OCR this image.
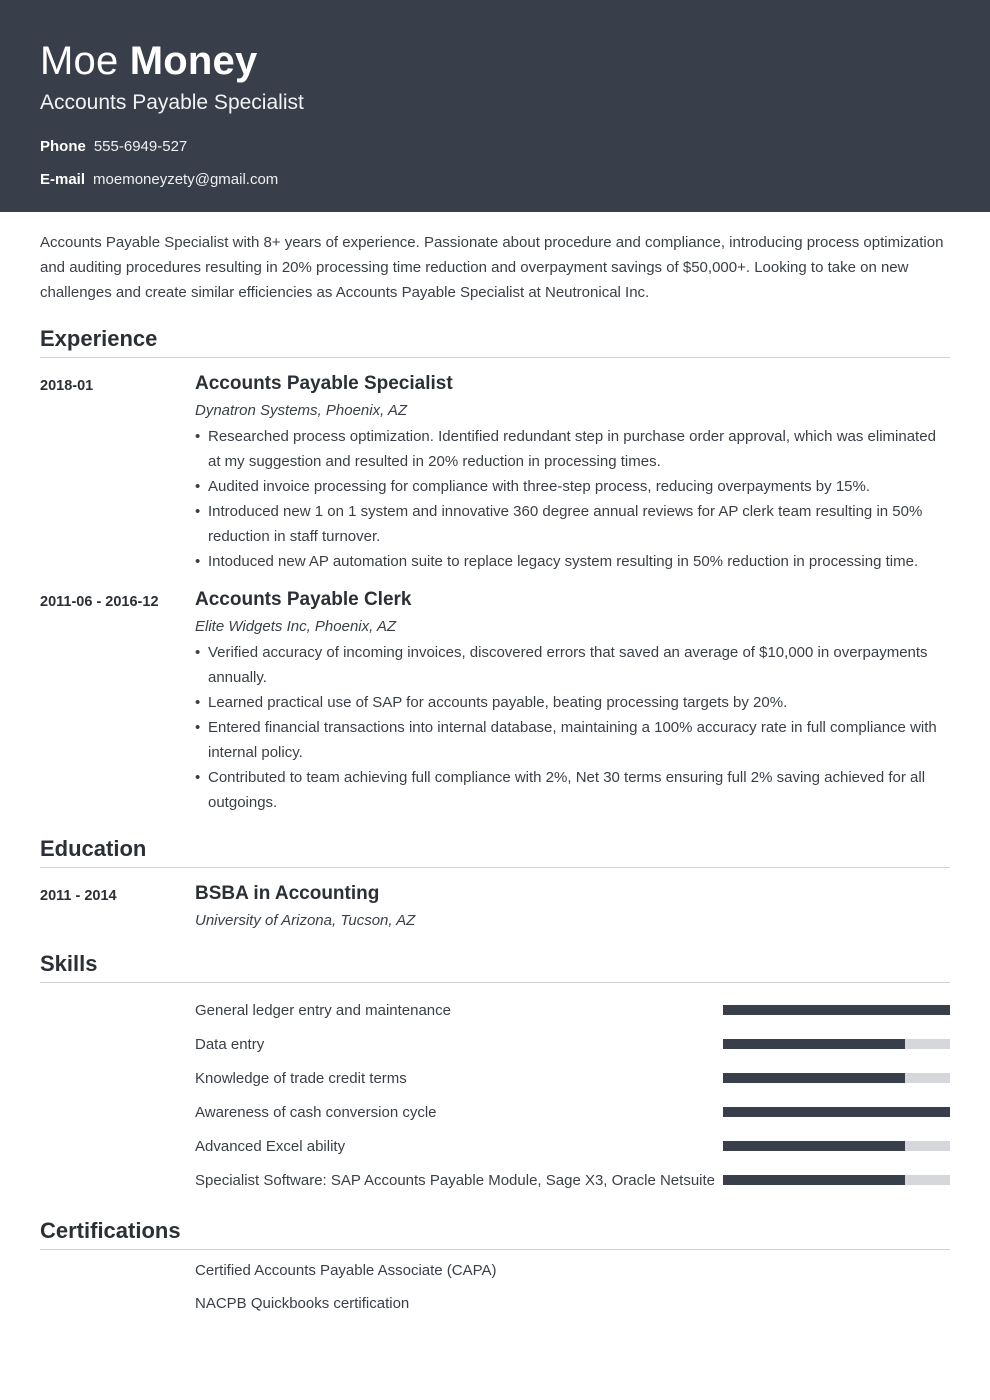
Moe Money
Accounts Payable Specialist
Phone 555-6949-527
E-mail moemoneyzety@gmail.com

Accounts Payable Specialist with 8+ years of experience. Passionate about procedure and compliance, introducing process optimization and auditing procedures resulting in 20% processing time reduction and overpayment savings of $50,000+. Looking to take on new challenges and create similar efficiencies as Accounts Payable Specialist at Neutronical Inc.

Experience
2018-01	Accounts Payable Specialist
Dynatron Systems, Phoenix, AZ
• Researched process optimization. Identified redundant step in purchase order approval, which was eliminated at my suggestion and resulted in 20% reduction in processing times.
• Audited invoice processing for compliance with three-step process, reducing overpayments by 15%.
• Introduced new 1 on 1 system and innovative 360 degree annual reviews for AP clerk team resulting in 50% reduction in staff turnover.
• Intoduced new AP automation suite to replace legacy system resulting in 50% reduction in processing time.
2011-06 - 2016-12	Accounts Payable Clerk
Elite Widgets Inc, Phoenix, AZ
• Verified accuracy of incoming invoices, discovered errors that saved an average of $10,000 in overpayments annually.
• Learned practical use of SAP for accounts payable, beating processing targets by 20%.
• Entered financial transactions into internal database, maintaining a 100% accuracy rate in full compliance with internal policy.
• Contributed to team achieving full compliance with 2%, Net 30 terms ensuring full 2% saving achieved for all outgoings.
Education
2011 - 2014	BSBA in Accounting
University of Arizona, Tucson, AZ
Skills
General ledger entry and maintenance
Data entry
Knowledge of trade credit terms
Awareness of cash conversion cycle
Advanced Excel ability
Specialist Software: SAP Accounts Payable Module, Sage X3, Oracle Netsuite
Certifications
Certified Accounts Payable Associate (CAPA)
NACPB Quickbooks certification
